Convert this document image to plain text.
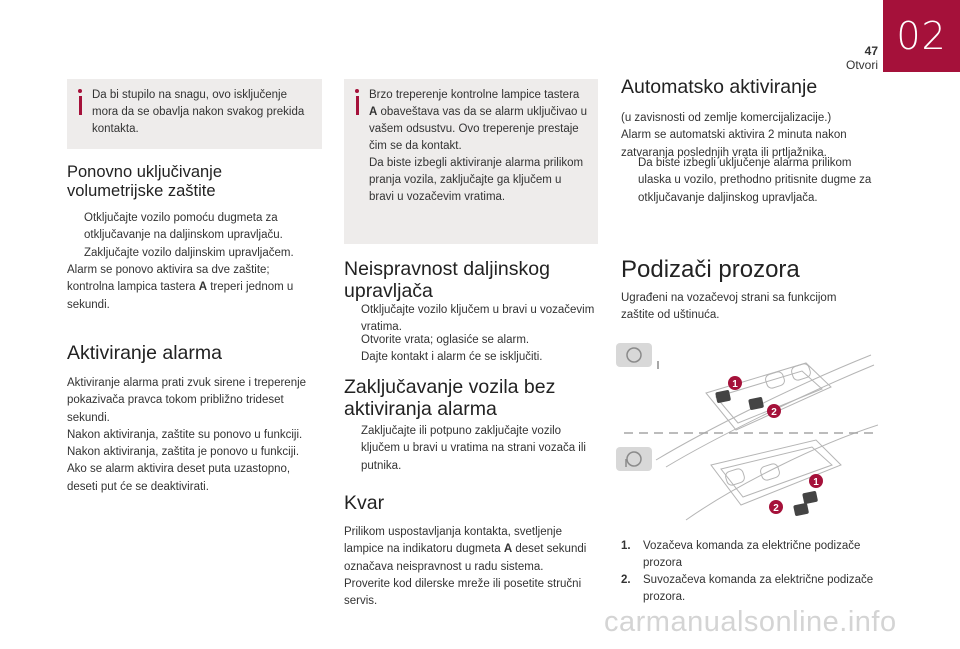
47
Otvori
02
Da bi stupilo na snagu, ovo isključenje mora da se obavlja nakon svakog prekida kontakta.
Ponovno uključivanje volumetrijske zaštite
Otključajte vozilo pomoću dugmeta za otključavanje na daljinskom upravljaču.
Zaključajte vozilo daljinskim upravljačem.

Alarm se ponovo aktivira sa dve zaštite; kontrolna lampica tastera A treperi jednom u sekundi.

Aktiviranje alarma

Aktiviranje alarma prati zvuk sirene i treperenje pokazivača pravca tokom približno trideset sekundi.
Nakon aktiviranja, zaštite su ponovo u funkciji.
Nakon aktiviranja, zaštita je ponovo u funkciji.
Ako se alarm aktivira deset puta uzastopno, deseti put će se deaktivirati.

Brzo treperenje kontrolne lampice tastera A obaveštava vas da se alarm uključivao u vašem odsustvu. Ovo treperenje prestaje čim se da kontakt.
Da biste izbegli aktiviranje alarma prilikom pranja vozila, zaključajte ga ključem u bravi u vozačevim vratima.
Neispravnost daljinskog upravljača
Otključajte vozilo ključem u bravi u vozačevim vratima.
Otvorite vrata; oglasiće se alarm.
Dajte kontakt i alarm će se isključiti.
Zaključavanje vozila bez aktiviranja alarma
Zaključajte ili potpuno zaključajte vozilo ključem u bravi u vratima na strani vozača ili putnika.
Kvar

Prilikom uspostavljanja kontakta, svetljenje lampice na indikatoru dugmeta A deset sekundi označava neispravnost u radu sistema.
Proverite kod dilerske mreže ili posetite stručni servis.

Automatsko aktiviranje

(u zavisnosti od zemlje komercijalizacije.)
Alarm se automatski aktivira 2 minuta nakon zatvaranja poslednjih vrata ili prtljažnika.

Da biste izbegli uključenje alarma prilikom ulaska u vozilo, prethodno pritisnite dugme za otključavanje daljinskog upravljača.
Podizači prozora

Ugrađeni na vozačevoj strani sa funkcijom zaštite od uštinuća.

1
2
1
2
1. Vozačeva komanda za električne podizače prozora
2. Suvozačeva komanda za električne podizače prozora.
carmanualsonline.info
